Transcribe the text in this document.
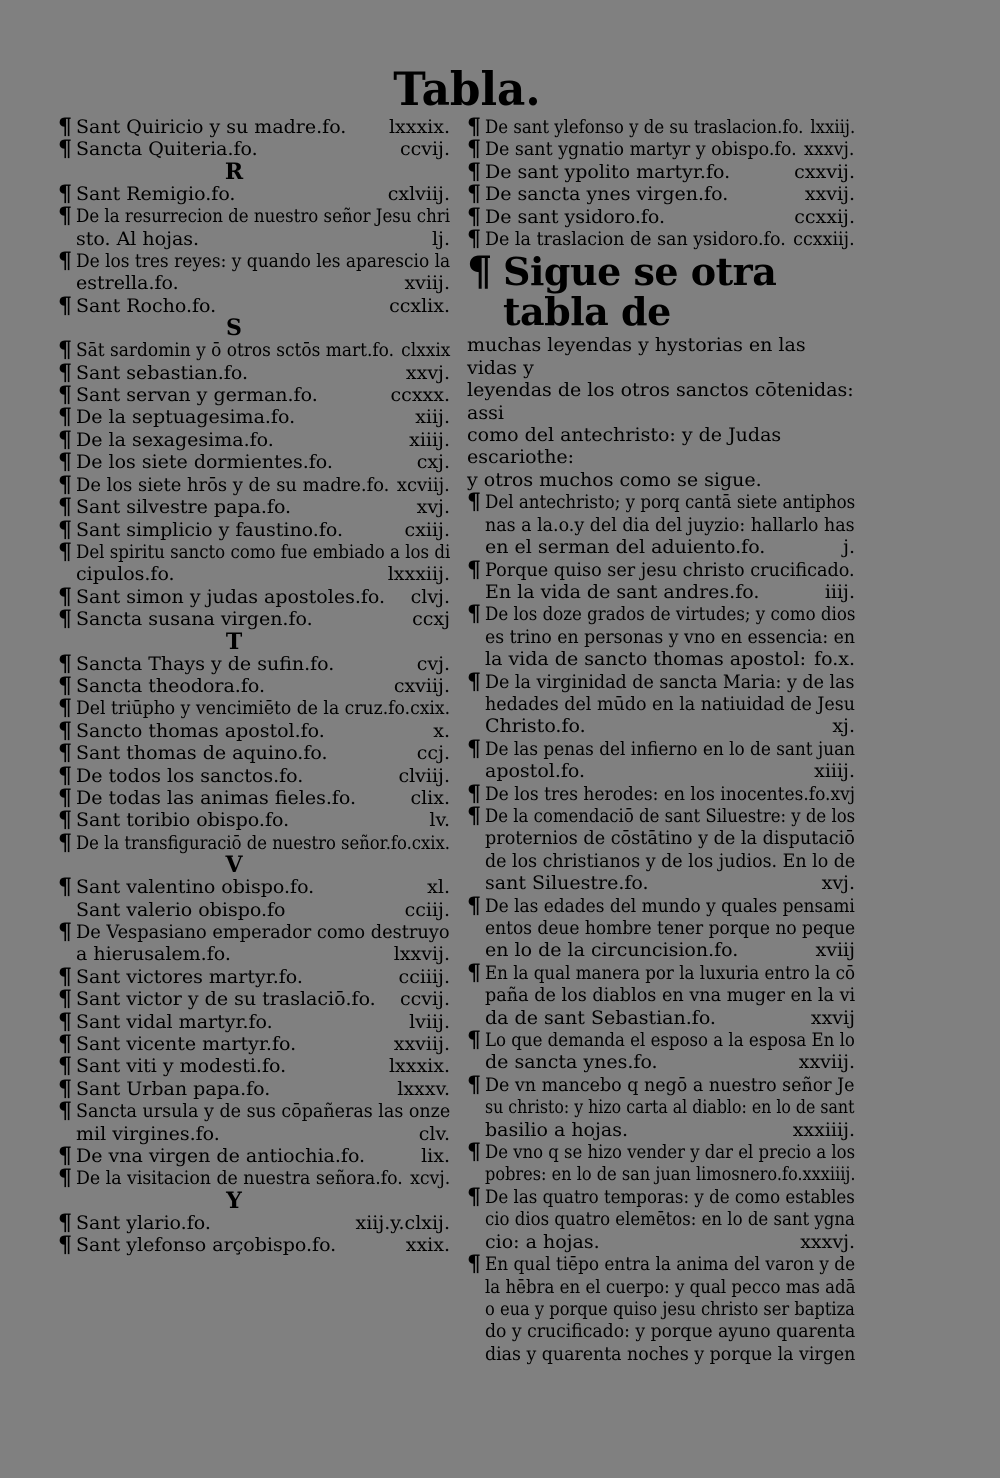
Tabla.
¶ Sant Quiricio y su madre.fo.	lxxxix.
¶ Sancta Quiteria.fo.	ccvij.
R
¶ Sant Remigio.fo.	cxlviij.
¶ De la resurrecion de nuestro señor Jesu chri
sto. Al hojas.	lj.
¶ De los tres reyes: y quando les aparescio la
estrella.fo.	xviij.
¶ Sant Rocho.fo.	ccxlix.
S
¶ Sāt sardomin y ō otros sctōs mart.fo. clxxix
¶ Sant sebastian.fo.	xxvj.
¶ Sant servan y german.fo.	ccxxx.
¶ De la septuagesima.fo.	xiij.
¶ De la sexagesima.fo.	xiiij.
¶ De los siete dormientes.fo.	cxj.
¶ De los siete hrōs y de su madre.fo. xcviij.
¶ Sant silvestre papa.fo.	xvj.
¶ Sant simplicio y faustino.fo.	cxiij.
¶ Del spiritu sancto como fue embiado a los di
cipulos.fo.	lxxxiij.
¶ Sant simon y judas apostoles.fo.	clvj.
¶ Sancta susana virgen.fo.	ccxj
T
¶ Sancta Thays y de sufin.fo.	cvj.
¶ Sancta theodora.fo.	cxviij.
¶ Del triūpho y vencimiēto de la cruz.fo.cxix.
¶ Sancto thomas apostol.fo.	x.
¶ Sant thomas de aquino.fo.	ccj.
¶ De todos los sanctos.fo.	clviij.
¶ De todas las animas fieles.fo.	clix.
¶ Sant toribio obispo.fo.	lv.
¶ De la transfiguraciō de nuestro señor.fo.cxix.
V
¶ Sant valentino obispo.fo.	xl.
Sant valerio obispo.fo	cciij.
¶ De Vespasiano emperador como destruyo
a hierusalem.fo.	lxxvij.
¶ Sant victores martyr.fo.	cciiij.
¶ Sant victor y de su traslaciō.fo.	ccvij.
¶ Sant vidal martyr.fo.	lviij.
¶ Sant vicente martyr.fo.	xxviij.
¶ Sant viti y modesti.fo.	lxxxix.
¶ Sant Urban papa.fo.	lxxxv.
¶ Sancta ursula y de sus cōpañeras las onze
mil virgines.fo.	clv.
¶ De vna virgen de antiochia.fo.	lix.
¶ De la visitacion de nuestra señora.fo. xcvj.
Y
¶ Sant ylario.fo.	xiij.y.clxij.
¶ Sant ylefonso arçobispo.fo.	xxix.
¶ De sant ylefonso y de su traslacion.fo. lxxiij.
¶ De sant ygnatio martyr y obispo.fo. xxxvj.
¶ De sant ypolito martyr.fo.	cxxvij.
¶ De sancta ynes virgen.fo.	xxvij.
¶ De sant ysidoro.fo.	ccxxij.
¶ De la traslacion de san ysidoro.fo. ccxxiij.
¶ Sigue se otra tabla de
muchas leyendas y hystorias en las vidas y
leyendas de los otros sanctos cōtenidas: assi
como del antechristo: y de Judas escariothe:
y otros muchos como se sigue.
¶ Del antechristo; y porq cantā siete antiphos
nas a la.o.y del dia del juyzio: hallarlo has
en el serman del aduiento.fo.	j.
¶ Porque quiso ser jesu christo crucificado.
En la vida de sant andres.fo.	iiij.
¶ De los doze grados de virtudes; y como dios
es trino en personas y vno en essencia: en
la vida de sancto thomas apostol: fo.x.
¶ De la virginidad de sancta Maria: y de las
hedades del mūdo en la natiuidad de Jesu
Christo.fo.	xj.
¶ De las penas del infierno en lo de sant juan
apostol.fo.	xiiij.
¶ De los tres herodes: en los inocentes.fo.xvj
¶ De la comendaciō de sant Siluestre: y de los
proternios de cōstātino y de la disputaciō
de los christianos y de los judios. En lo de
sant Siluestre.fo.	xvj.
¶ De las edades del mundo y quales pensami
entos deue hombre tener porque no peque
en lo de la circuncision.fo.	xviij
¶ En la qual manera por la luxuria entro la cō
paña de los diablos en vna muger en la vi
da de sant Sebastian.fo.	xxvij
¶ Lo que demanda el esposo a la esposa En lo
de sancta ynes.fo.	xxviij.
¶ De vn mancebo q negō a nuestro señor Je
su christo: y hizo carta al diablo: en lo de sant
basilio a hojas.	xxxiiij.
¶ De vno q se hizo vender y dar el precio a los
pobres: en lo de san juan limosnero.fo.xxxiiij.
¶ De las quatro temporas: y de como estables
cio dios quatro elemētos: en lo de sant ygna
cio: a hojas.	xxxvj.
¶ En qual tiēpo entra la anima del varon y de
la hēbra en el cuerpo: y qual pecco mas adā
o eua y porque quiso jesu christo ser baptiza
do y crucificado: y porque ayuno quarenta
dias y quarenta noches y porque la virgen
